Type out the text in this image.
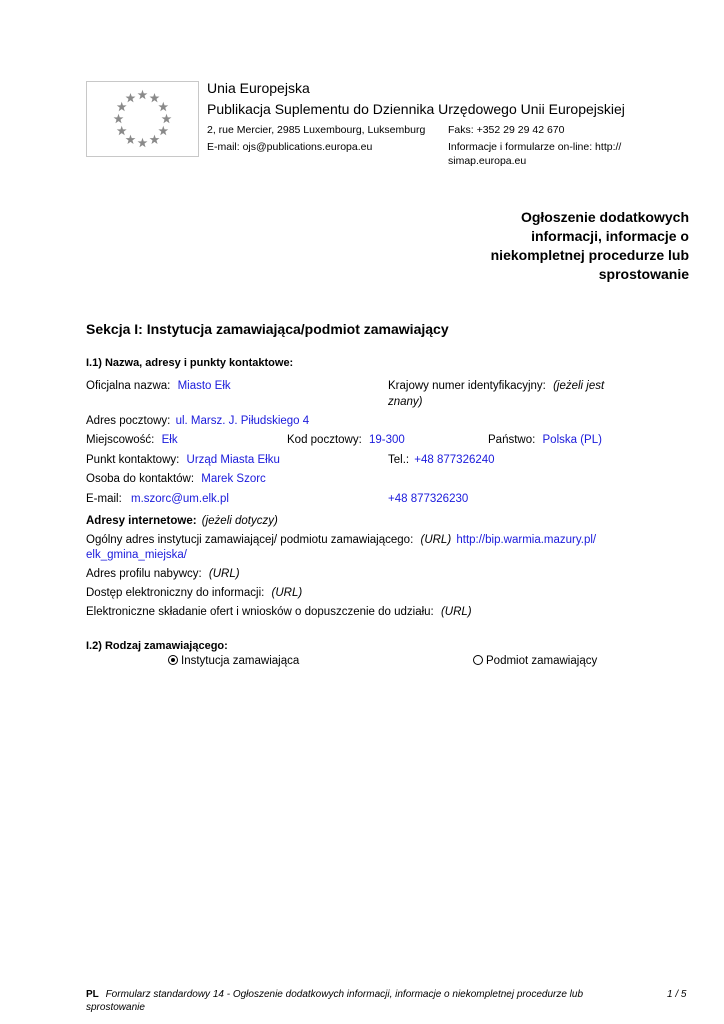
Unia Europejska
Publikacja Suplementu do Dziennika Urzędowego Unii Europejskiej
2, rue Mercier, 2985 Luxembourg, Luksemburg Faks: +352 29 29 42 670
E-mail: ojs@publications.europa.eu	Informacje i formularze on-line: http://
simap.europa.eu
Ogłoszenie dodatkowych
informacji, informacje o
niekompletnej procedurze lub
sprostowanie
Sekcja I: Instytucja zamawiająca/podmiot zamawiający
I.1) Nazwa, adresy i punkty kontaktowe:
Oficjalna nazwa: Miasto Ełk	Krajowy numer identyfikacyjny: (jeżeli jest
znany)
Adres pocztowy: ul. Marsz. J. Piłudskiego 4
Miejscowość: Ełk	Kod pocztowy: 19-300	Państwo: Polska (PL)
Punkt kontaktowy: Urząd Miasta Ełku	Tel.: +48 877326240
Osoba do kontaktów: Marek Szorc
E-mail: m.szorc@um.elk.pl	+48 877326230
Adresy internetowe: (jeżeli dotyczy)
Ogólny adres instytucji zamawiającej/ podmiotu zamawiającego: (URL) http://bip.warmia.mazury.pl/
elk_gmina_miejska/
Adres profilu nabywcy: (URL)
Dostęp elektroniczny do informacji: (URL)
Elektroniczne składanie ofert i wniosków o dopuszczenie do udziału: (URL)
I.2) Rodzaj zamawiającego:
Instytucja zamawiająca	Podmiot zamawiający
PL Formularz standardowy 14 - Ogłoszenie dodatkowych informacji, informacje o niekompletnej procedurze lub
sprostowanie
1 / 5
